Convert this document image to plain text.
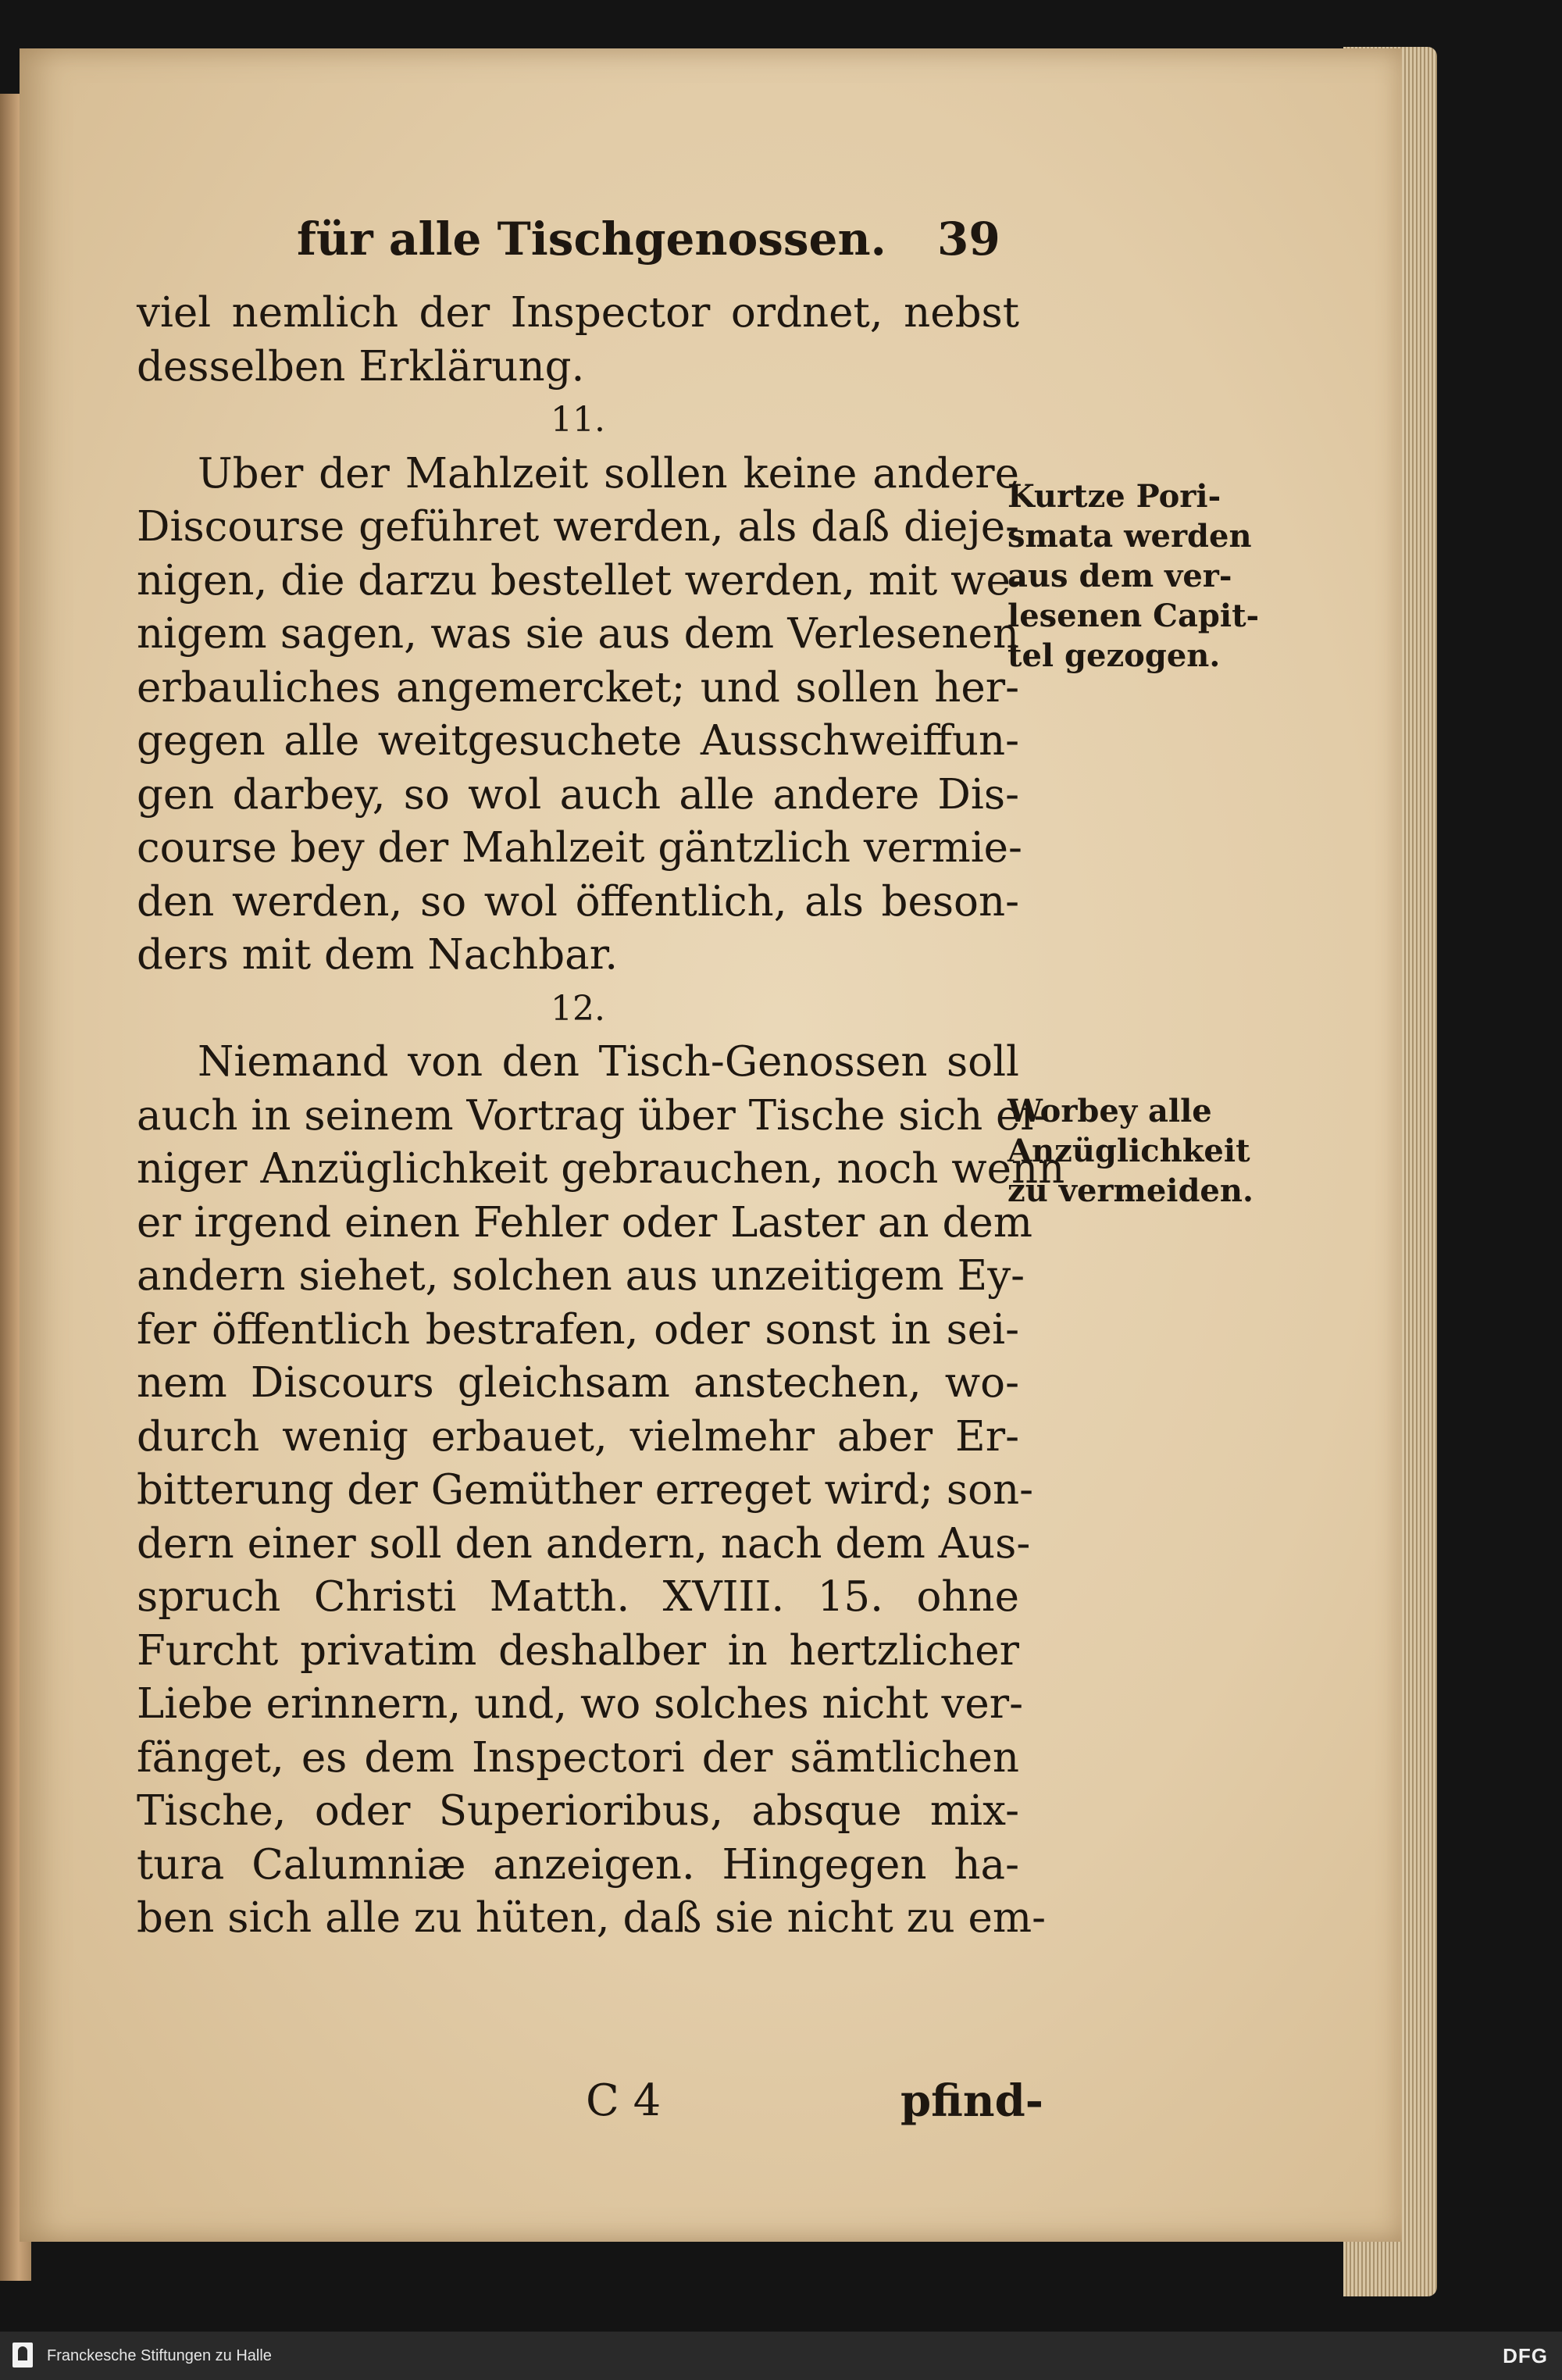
für alle Tischgenossen. 39
viel nemlich der Inspector ordnet, nebst
desselben Erklärung.
11.
Uber der Mahlzeit sollen keine andere
Discourse geführet werden, als daß dieje-
nigen, die darzu bestellet werden, mit we-
nigem sagen, was sie aus dem Verlesenen
erbauliches angemercket; und sollen her-
gegen alle weitgesuchete Ausschweiffun-
gen darbey, so wol auch alle andere Dis-
course bey der Mahlzeit gäntzlich vermie-
den werden, so wol öffentlich, als beson-
ders mit dem Nachbar.
12.
Niemand von den Tisch-Genossen soll
auch in seinem Vortrag über Tische sich ei-
niger Anzüglichkeit gebrauchen, noch wenn
er irgend einen Fehler oder Laster an dem
andern siehet, solchen aus unzeitigem Ey-
fer öffentlich bestrafen, oder sonst in sei-
nem Discours gleichsam anstechen, wo-
durch wenig erbauet, vielmehr aber Er-
bitterung der Gemüther erreget wird; son-
dern einer soll den andern, nach dem Aus-
spruch Christi Matth. XVIII. 15. ohne
Furcht privatim deshalber in hertzlicher
Liebe erinnern, und, wo solches nicht ver-
fänget, es dem Inspectori der sämtlichen
Tische, oder Superioribus, absque mix-
tura Calumniæ anzeigen. Hingegen ha-
ben sich alle zu hüten, daß sie nicht zu em-
Kurtze Pori-
smata werden
aus dem ver-
lesenen Capit-
tel gezogen.
Worbey alle
Anzüglichkeit
zu vermeiden.
C 4	pfind-
Franckesche Stiftungen zu Halle	DFG
